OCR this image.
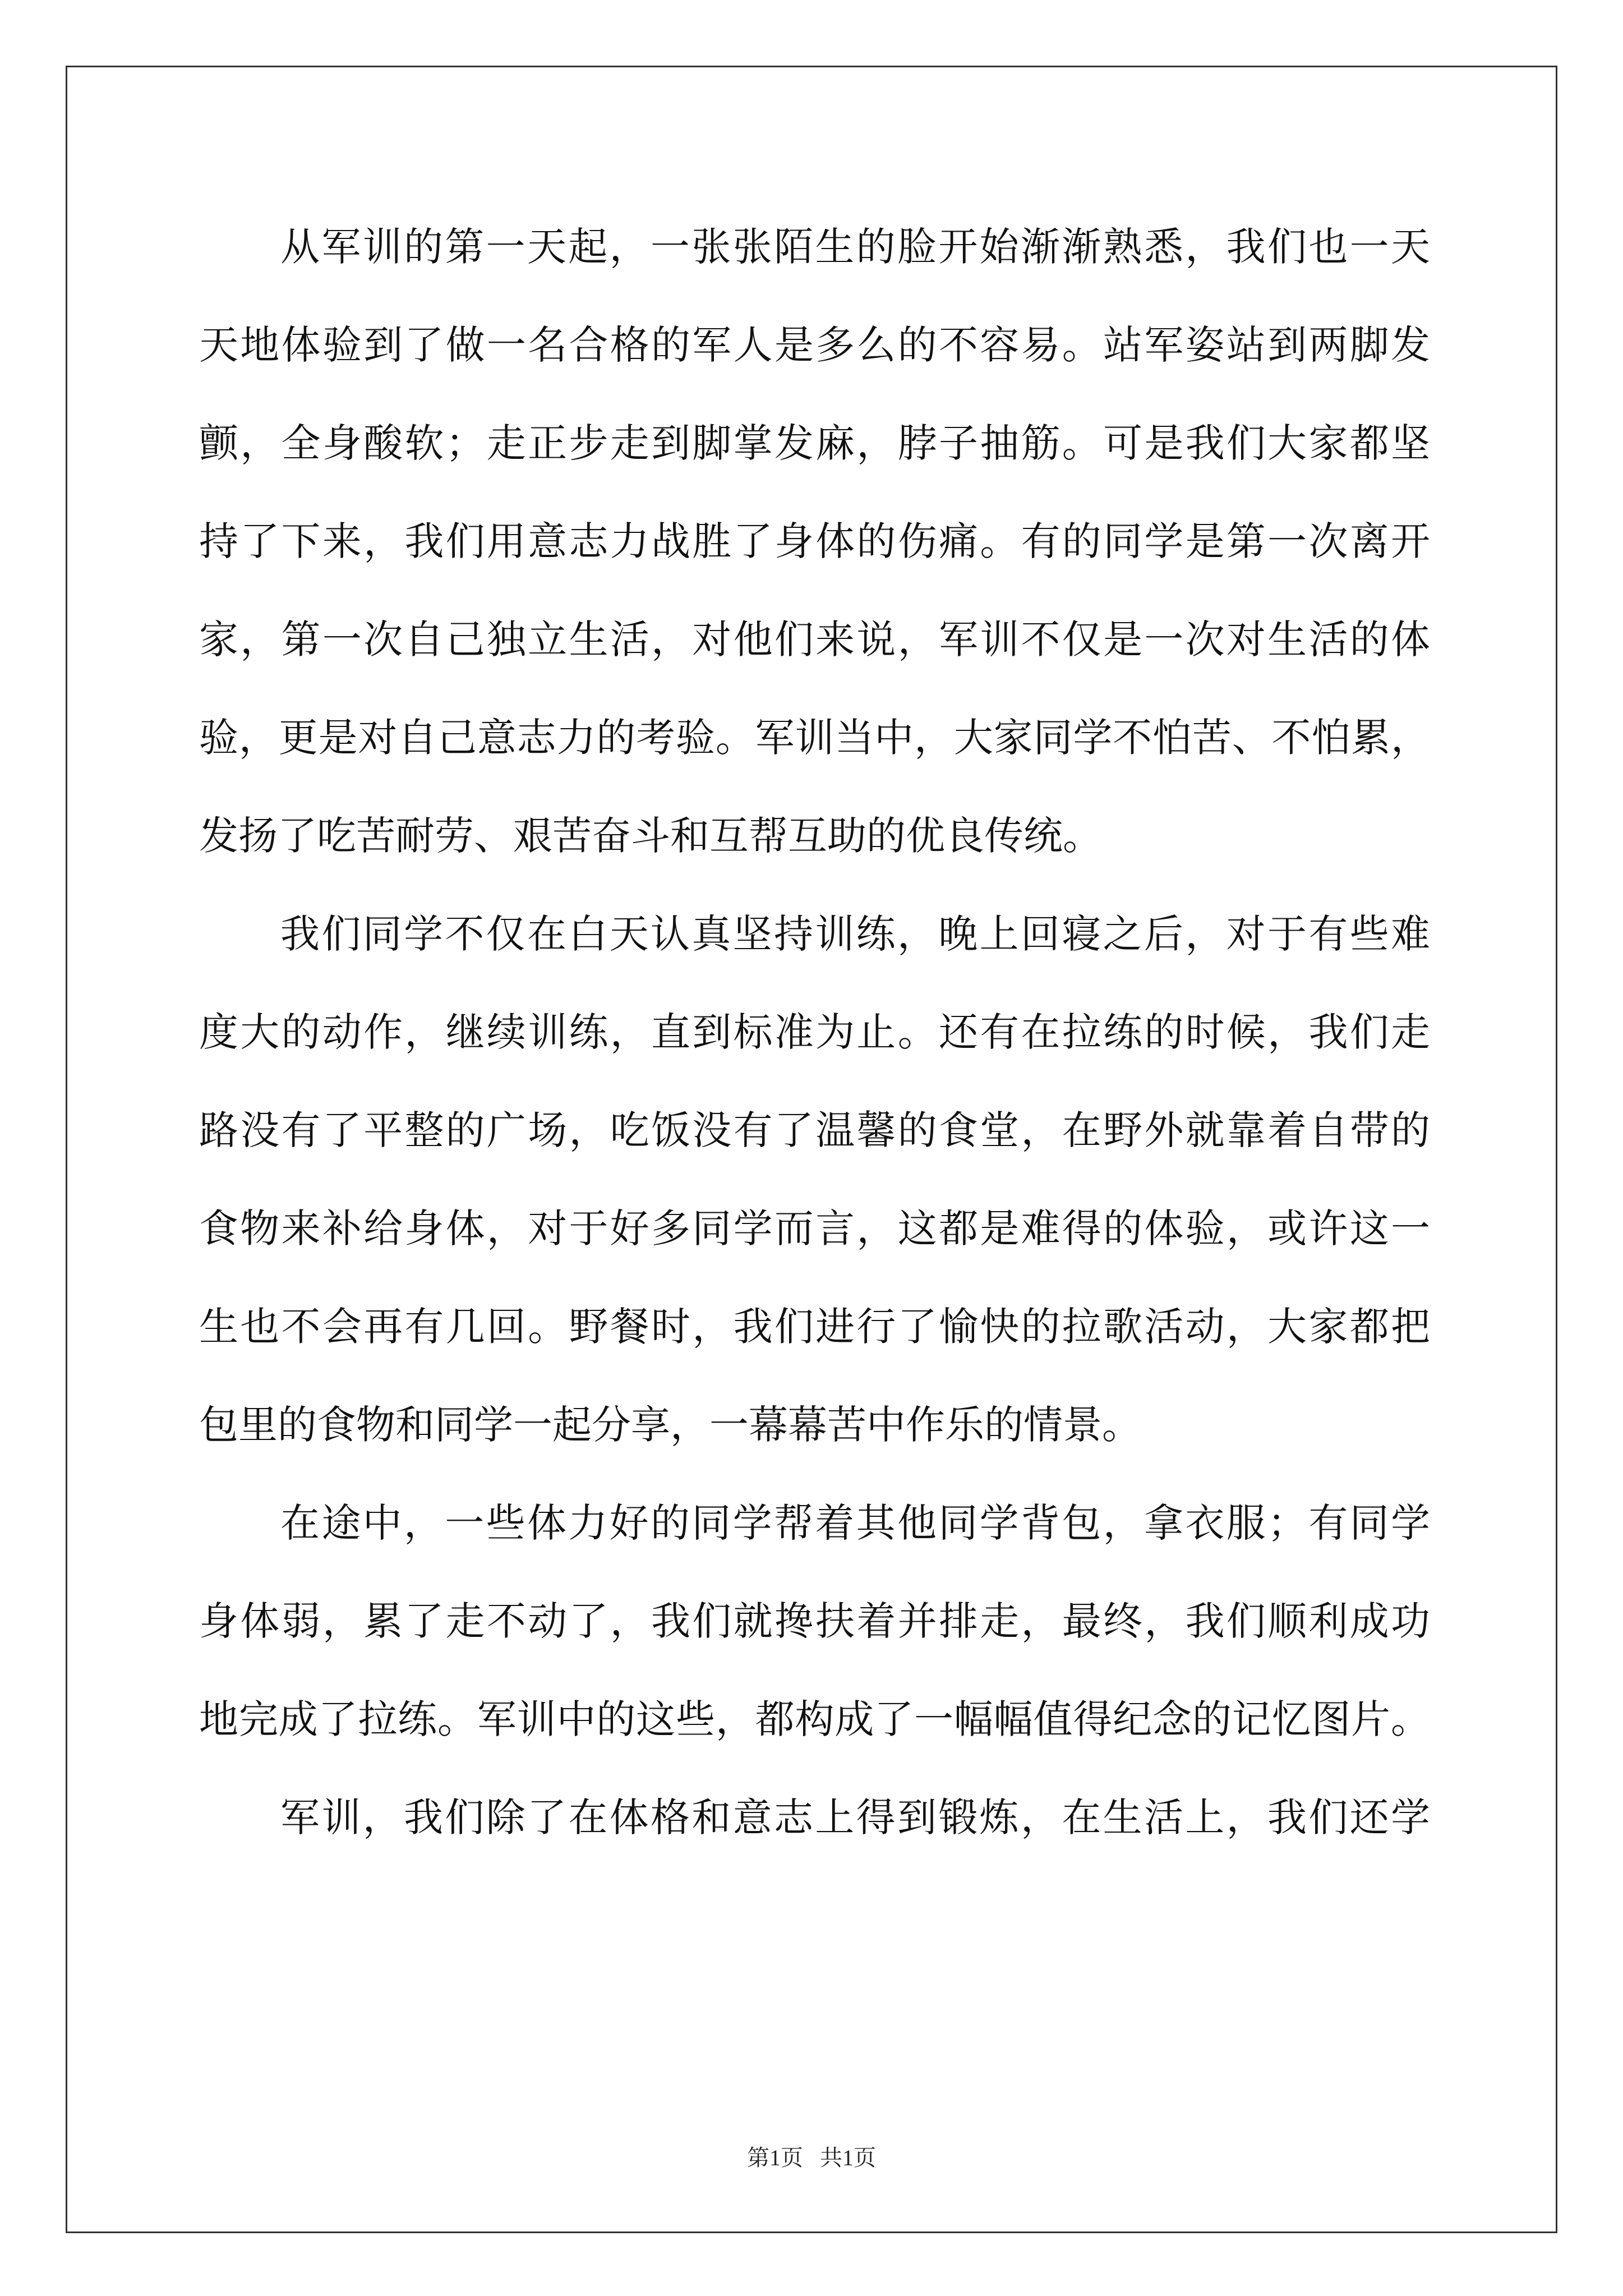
从军训的第一天起，一张张陌生的脸开始渐渐熟悉，我们也一天
天地体验到了做一名合格的军人是多么的不容易。站军姿站到两脚发
颤，全身酸软；走正步走到脚掌发麻，脖子抽筋。可是我们大家都坚
持了下来，我们用意志力战胜了身体的伤痛。有的同学是第一次离开
家，第一次自己独立生活，对他们来说，军训不仅是一次对生活的体
验，更是对自己意志力的考验。军训当中，大家同学不怕苦、不怕累，
发扬了吃苦耐劳、艰苦奋斗和互帮互助的优良传统。
我们同学不仅在白天认真坚持训练，晚上回寝之后，对于有些难
度大的动作，继续训练，直到标准为止。还有在拉练的时候，我们走
路没有了平整的广场，吃饭没有了温馨的食堂，在野外就靠着自带的
食物来补给身体，对于好多同学而言，这都是难得的体验，或许这一
生也不会再有几回。野餐时，我们进行了愉快的拉歌活动，大家都把
包里的食物和同学一起分享，一幕幕苦中作乐的情景。
在途中，一些体力好的同学帮着其他同学背包，拿衣服；有同学
身体弱，累了走不动了，我们就搀扶着并排走，最终，我们顺利成功
地完成了拉练。军训中的这些，都构成了一幅幅值得纪念的记忆图片。
军训，我们除了在体格和意志上得到锻炼，在生活上，我们还学
第1页   共1页
